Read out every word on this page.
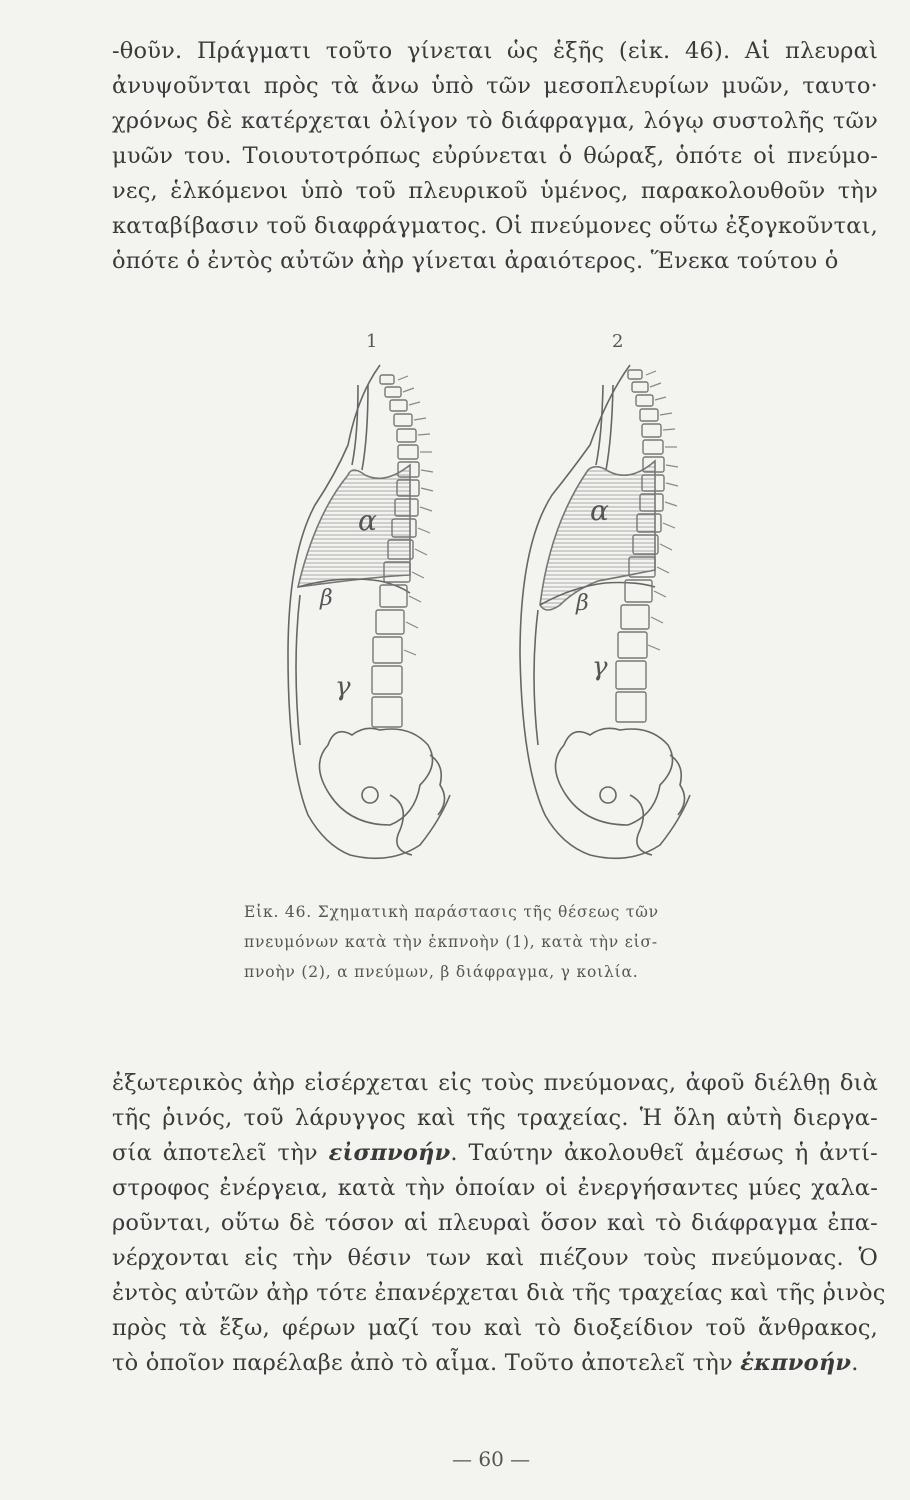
-θοῦν. Πράγματι τοῦτο γίνεται ὡς ἑξῆς (εἰκ. 46). Αἱ πλευραὶ
ἀνυψοῦνται πρὸς τὰ ἄνω ὑπὸ τῶν μεσοπλευρίων μυῶν, ταυτο·
χρόνως δὲ κατέρχεται ὀλίγον τὸ διάφραγμα, λόγῳ συστολῆς τῶν
μυῶν του. Τοιουτοτρόπως εὐρύνεται ὁ θώραξ, ὁπότε οἱ πνεύμο-
νες, ἑλκόμενοι ὑπὸ τοῦ πλευρικοῦ ὑμένος, παρακολουθοῦν τὴν
καταβίβασιν τοῦ διαφράγματος. Οἱ πνεύμονες οὕτω ἐξογκοῦνται,
ὁπότε ὁ ἐντὸς αὐτῶν ἀὴρ γίνεται ἀραιότερος. Ἕνεκα τούτου ὁ
1	2
α
β
γ
α
β
γ
Εἰκ. 46. Σχηματικὴ παράστασις τῆς θέσεως τῶν
πνευμόνων κατὰ τὴν ἐκπνοὴν (1), κατὰ τὴν εἰσ-
πνοὴν (2), α πνεύμων, β διάφραγμα, γ κοιλία.
ἐξωτερικὸς ἀὴρ εἰσέρχεται εἰς τοὺς πνεύμονας, ἀφοῦ διέλθῃ διὰ
τῆς ῥινός, τοῦ λάρυγγος καὶ τῆς τραχείας. Ἡ ὅλη αὐτὴ διεργα-
σία ἀποτελεῖ τὴν εἰσπνοήν. Ταύτην ἀκολουθεῖ ἀμέσως ἡ ἀντί-
στροφος ἐνέργεια, κατὰ τὴν ὁποίαν οἱ ἐνεργήσαντες μύες χαλα-
ροῦνται, οὕτω δὲ τόσον αἱ πλευραὶ ὅσον καὶ τὸ διάφραγμα ἐπα-
νέρχονται εἰς τὴν θέσιν των καὶ πιέζουν τοὺς πνεύμονας. Ὁ
ἐντὸς αὐτῶν ἀὴρ τότε ἐπανέρχεται διὰ τῆς τραχείας καὶ τῆς ῥινὸς
πρὸς τὰ ἔξω, φέρων μαζί του καὶ τὸ διοξείδιον τοῦ ἄνθρακος,
τὸ ὁποῖον παρέλαβε ἀπὸ τὸ αἷμα. Τοῦτο ἀποτελεῖ τὴν ἐκπνοήν.
— 60 —
